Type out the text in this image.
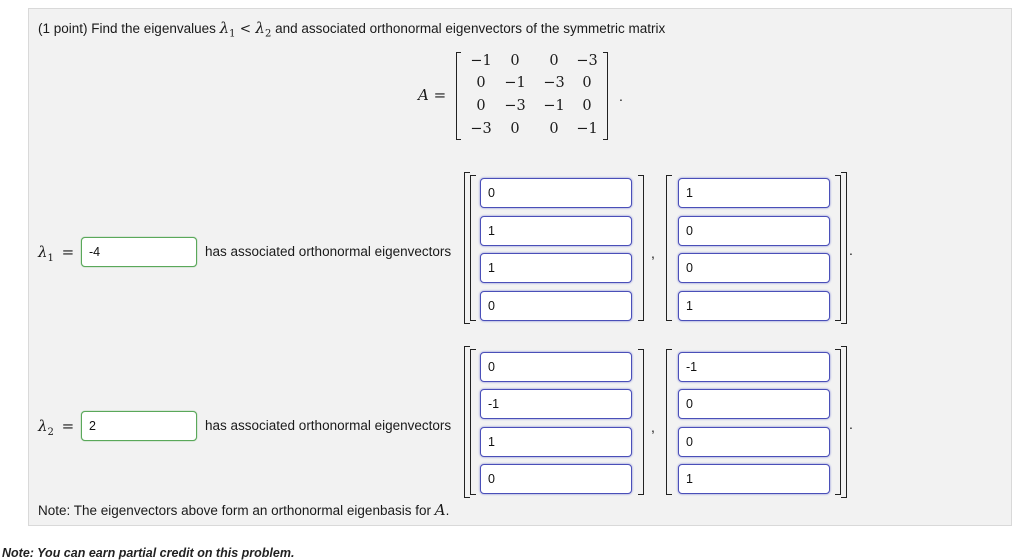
(1 point) Find the eigenvalues $\lambda_1 < \lambda_2$ and associated orthonormal eigenvectors of the symmetric matrix
A =
−1	0	0	−3
0	−1	−3	0
0	−3	−1	0
−3	0	0	−1
.
$\lambda_1$ =
-4	has associated orthonormal eigenvectors
0
1
1
0	,
1
0
0
1	.
$\lambda_2$ =
2	has associated orthonormal eigenvectors
0
-1
1
0	,
-1
0
0
1	.
Note: The eigenvectors above form an orthonormal eigenbasis for A.
Note: You can earn partial credit on this problem.
